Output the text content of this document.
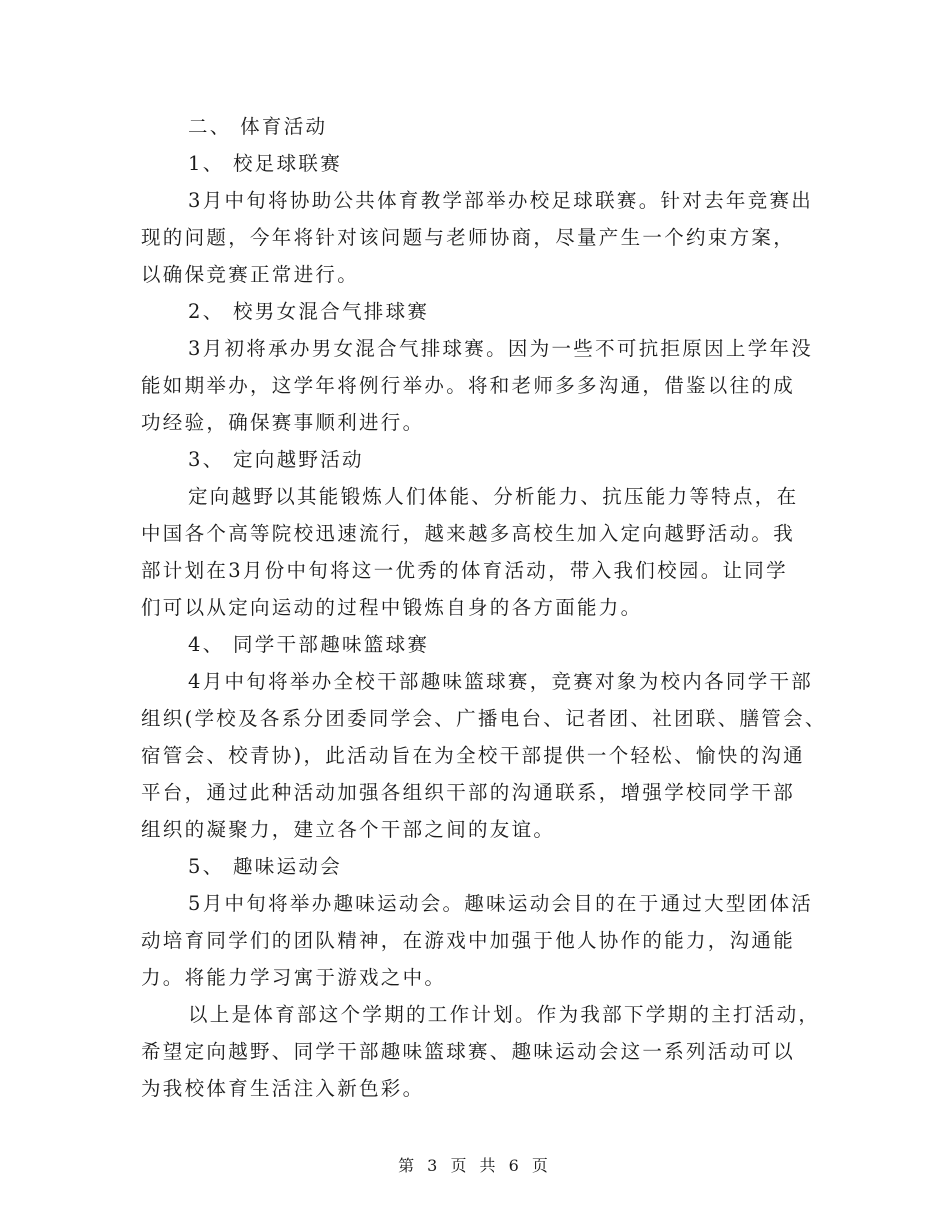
二、 体育活动
1、 校足球联赛
3月中旬将协助公共体育教学部举办校足球联赛。针对去年竞赛出
现的问题，今年将针对该问题与老师协商，尽量产生一个约束方案，
以确保竞赛正常进行。
2、 校男女混合气排球赛
3月初将承办男女混合气排球赛。因为一些不可抗拒原因上学年没
能如期举办，这学年将例行举办。将和老师多多沟通，借鉴以往的成
功经验，确保赛事顺利进行。
3、 定向越野活动
定向越野以其能锻炼人们体能、分析能力、抗压能力等特点，在
中国各个高等院校迅速流行，越来越多高校生加入定向越野活动。我
部计划在3月份中旬将这一优秀的体育活动，带入我们校园。让同学
们可以从定向运动的过程中锻炼自身的各方面能力。
4、 同学干部趣味篮球赛
4月中旬将举办全校干部趣味篮球赛，竞赛对象为校内各同学干部
组织(学校及各系分团委同学会、广播电台、记者团、社团联、膳管会、
宿管会、校青协)，此活动旨在为全校干部提供一个轻松、愉快的沟通
平台，通过此种活动加强各组织干部的沟通联系，增强学校同学干部
组织的凝聚力，建立各个干部之间的友谊。
5、 趣味运动会
5月中旬将举办趣味运动会。趣味运动会目的在于通过大型团体活
动培育同学们的团队精神，在游戏中加强于他人协作的能力，沟通能
力。将能力学习寓于游戏之中。
以上是体育部这个学期的工作计划。作为我部下学期的主打活动，
希望定向越野、同学干部趣味篮球赛、趣味运动会这一系列活动可以
为我校体育生活注入新色彩。
第 3 页 共 6 页
